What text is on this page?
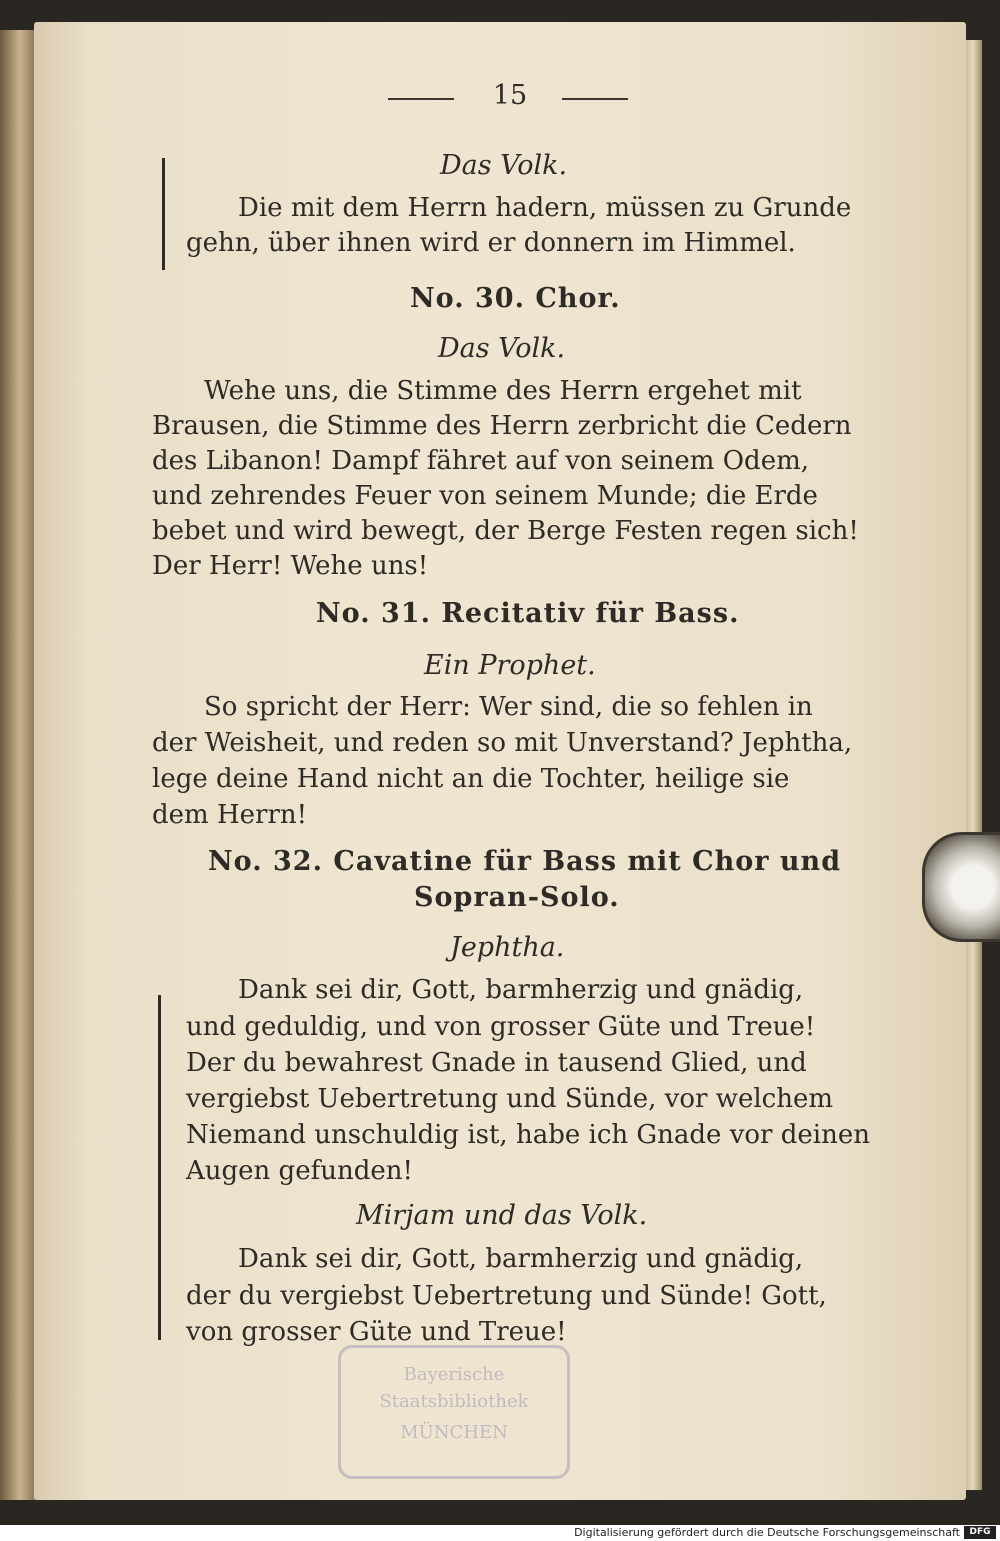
15
Das Volk.
Die mit dem Herrn hadern, müssen zu Grunde
gehn, über ihnen wird er donnern im Himmel.
No. 30. Chor.
Das Volk.
Wehe uns, die Stimme des Herrn ergehet mit
Brausen, die Stimme des Herrn zerbricht die Cedern
des Libanon! Dampf fähret auf von seinem Odem,
und zehrendes Feuer von seinem Munde; die Erde
bebet und wird bewegt, der Berge Festen regen sich!
Der Herr! Wehe uns!
No. 31. Recitativ für Bass.
Ein Prophet.
So spricht der Herr: Wer sind, die so fehlen in
der Weisheit, und reden so mit Unverstand? Jephtha,
lege deine Hand nicht an die Tochter, heilige sie
dem Herrn!
No. 32. Cavatine für Bass mit Chor und
Sopran-Solo.
Jephtha.
Dank sei dir, Gott, barmherzig und gnädig,
und geduldig, und von grosser Güte und Treue!
Der du bewahrest Gnade in tausend Glied, und
vergiebst Uebertretung und Sünde, vor welchem
Niemand unschuldig ist, habe ich Gnade vor deinen
Augen gefunden!
Mirjam und das Volk.
Dank sei dir, Gott, barmherzig und gnädig,
der du vergiebst Uebertretung und Sünde! Gott,
von grosser Güte und Treue!
Bayerische
Staatsbibliothek
MÜNCHEN
Digitalisierung gefördert durch die Deutsche Forschungsgemeinschaft	DFG
